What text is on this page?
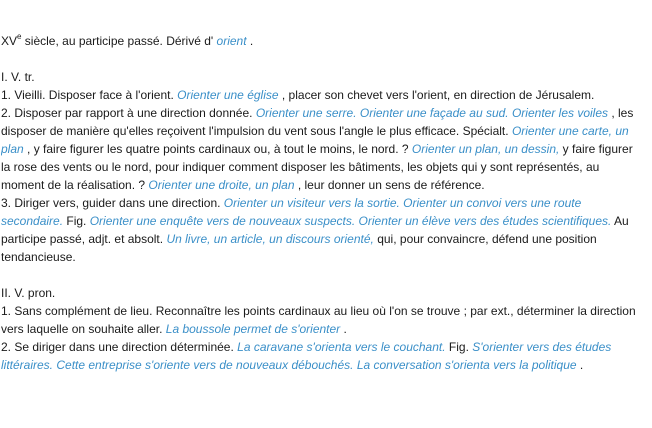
XVe siècle, au participe passé. Dérivé d' orient .
I. V. tr.
1. Vieilli. Disposer face à l'orient. Orienter une église , placer son chevet vers l'orient, en direction de Jérusalem.
2. Disposer par rapport à une direction donnée. Orienter une serre. Orienter une façade au sud. Orienter les voiles , les
disposer de manière qu'elles reçoivent l'impulsion du vent sous l'angle le plus efficace. Spécialt. Orienter une carte, un
plan , y faire figurer les quatre points cardinaux ou, à tout le moins, le nord. ? Orienter un plan, un dessin, y faire figurer
la rose des vents ou le nord, pour indiquer comment disposer les bâtiments, les objets qui y sont représentés, au
moment de la réalisation. ? Orienter une droite, un plan , leur donner un sens de référence.
3. Diriger vers, guider dans une direction. Orienter un visiteur vers la sortie. Orienter un convoi vers une route
secondaire. Fig. Orienter une enquête vers de nouveaux suspects. Orienter un élève vers des études scientifiques. Au
participe passé, adjt. et absolt. Un livre, un article, un discours orienté, qui, pour convaincre, défend une position
tendancieuse.
II. V. pron.
1. Sans complément de lieu. Reconnaître les points cardinaux au lieu où l'on se trouve ; par ext., déterminer la direction
vers laquelle on souhaite aller. La boussole permet de s'orienter .
2. Se diriger dans une direction déterminée. La caravane s'orienta vers le couchant. Fig. S'orienter vers des études
littéraires. Cette entreprise s'oriente vers de nouveaux débouchés. La conversation s'orienta vers la politique .
